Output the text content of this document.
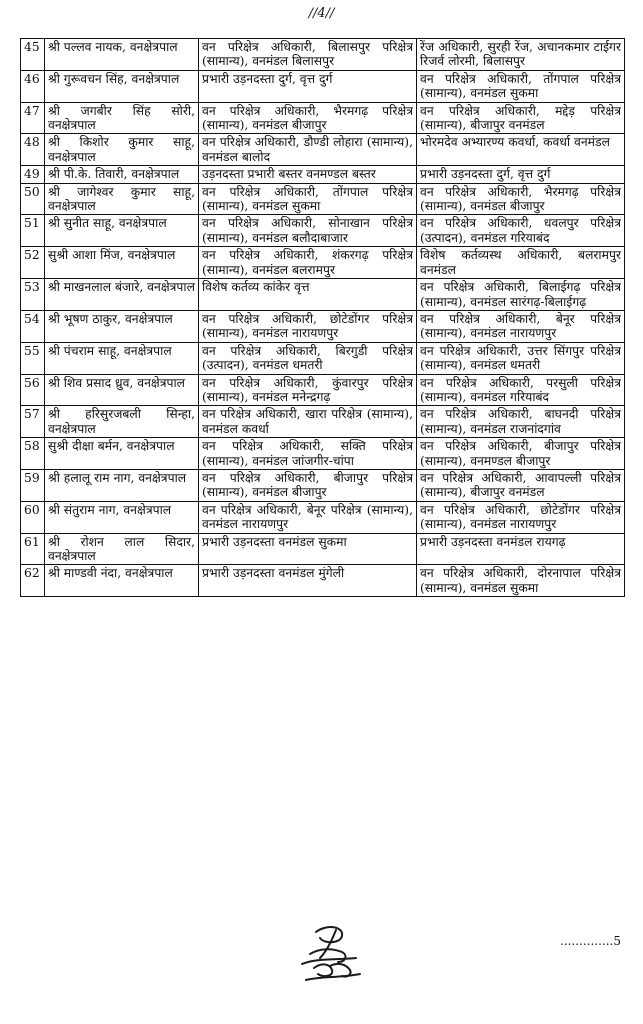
//4//
45	श्री पल्लव नायक, वनक्षेत्रपाल	वन परिक्षेत्र अधिकारी, बिलासपुर परिक्षेत्र (सामान्य), वनमंडल बिलासपुर	रेंज अधिकारी, सुरही रेंज, अचानकमार टाईगर रिजर्व लोरमी, बिलासपुर
46	श्री गुरूवचन सिंह, वनक्षेत्रपाल	प्रभारी उड़नदस्ता दुर्ग, वृत्त दुर्ग	वन परिक्षेत्र अधिकारी, तोंगपाल परिक्षेत्र (सामान्य), वनमंडल सुकमा
47	श्री जगबीर सिंह सोरी, वनक्षेत्रपाल	वन परिक्षेत्र अधिकारी, भैरमगढ़ परिक्षेत्र (सामान्य), वनमंडल बीजापुर	वन परिक्षेत्र अधिकारी, मद्देड़ परिक्षेत्र (सामान्य), बीजापुर वनमंडल
48	श्री किशोर कुमार साहू, वनक्षेत्रपाल	वन परिक्षेत्र अधिकारी, डौण्डी लोहारा (सामान्य), वनमंडल बालोद	भोरमदेव अभ्यारण्य कवर्धा, कवर्धा वनमंडल
49	श्री पी.के. तिवारी, वनक्षेत्रपाल	उड़नदस्ता प्रभारी बस्तर वनमण्डल बस्तर	प्रभारी उड़नदस्ता दुर्ग, वृत्त दुर्ग
50	श्री जागेश्वर कुमार साहू, वनक्षेत्रपाल	वन परिक्षेत्र अधिकारी, तोंगपाल परिक्षेत्र (सामान्य), वनमंडल सुकमा	वन परिक्षेत्र अधिकारी, भैरमगढ़ परिक्षेत्र (सामान्य), वनमंडल बीजापुर
51	श्री सुनीत साहू, वनक्षेत्रपाल	वन परिक्षेत्र अधिकारी, सोनाखान परिक्षेत्र (सामान्य), वनमंडल बलौदाबाजार	वन परिक्षेत्र अधिकारी, धवलपुर परिक्षेत्र (उत्पादन), वनमंडल गरियाबंद
52	सुश्री आशा मिंज, वनक्षेत्रपाल	वन परिक्षेत्र अधिकारी, शंकरगढ़ परिक्षेत्र (सामान्य), वनमंडल बलरामपुर	विशेष कर्तव्यस्थ अधिकारी, बलरामपुर वनमंडल
53	श्री माखनलाल बंजारे, वनक्षेत्रपाल	विशेष कर्तव्य कांकेर वृत्त	वन परिक्षेत्र अधिकारी, बिलाईगढ़ परिक्षेत्र (सामान्य), वनमंडल सारंगढ़-बिलाईगढ़
54	श्री भूषण ठाकुर, वनक्षेत्रपाल	वन परिक्षेत्र अधिकारी, छोटेडोंगर परिक्षेत्र (सामान्य), वनमंडल नारायणपुर	वन परिक्षेत्र अधिकारी, बेनूर परिक्षेत्र (सामान्य), वनमंडल नारायणपुर
55	श्री पंचराम साहू, वनक्षेत्रपाल	वन परिक्षेत्र अधिकारी, बिरगुडी परिक्षेत्र (उत्पादन), वनमंडल धमतरी	वन परिक्षेत्र अधिकारी, उत्तर सिंगपुर परिक्षेत्र (सामान्य), वनमंडल धमतरी
56	श्री शिव प्रसाद ध्रुव, वनक्षेत्रपाल	वन परिक्षेत्र अधिकारी, कुंवारपुर परिक्षेत्र (सामान्य), वनमंडल मनेन्द्रगढ़	वन परिक्षेत्र अधिकारी, परसुली परिक्षेत्र (सामान्य), वनमंडल गरियाबंद
57	श्री हरिसुरजबली सिन्हा, वनक्षेत्रपाल	वन परिक्षेत्र अधिकारी, खारा परिक्षेत्र (सामान्य), वनमंडल कवर्धा	वन परिक्षेत्र अधिकारी, बाघनदी परिक्षेत्र (सामान्य), वनमंडल राजनांदगांव
58	सुश्री दीक्षा बर्मन, वनक्षेत्रपाल	वन परिक्षेत्र अधिकारी, सक्ति परिक्षेत्र (सामान्य), वनमंडल जांजगीर-चांपा	वन परिक्षेत्र अधिकारी, बीजापुर परिक्षेत्र (सामान्य), वनमण्डल बीजापुर
59	श्री हलालू राम नाग, वनक्षेत्रपाल	वन परिक्षेत्र अधिकारी, बीजापुर परिक्षेत्र (सामान्य), वनमंडल बीजापुर	वन परिक्षेत्र अधिकारी, आवापल्ली परिक्षेत्र (सामान्य), बीजापुर वनमंडल
60	श्री संतुराम नाग, वनक्षेत्रपाल	वन परिक्षेत्र अधिकारी, बेनूर परिक्षेत्र (सामान्य), वनमंडल नारायणपुर	वन परिक्षेत्र अधिकारी, छोटेडोंगर परिक्षेत्र (सामान्य), वनमंडल नारायणपुर
61	श्री रोशन लाल सिदार, वनक्षेत्रपाल	प्रभारी उड़नदस्ता वनमंडल सुकमा	प्रभारी उड़नदस्ता वनमंडल रायगढ़
62	श्री माण्डवी नंदा, वनक्षेत्रपाल	प्रभारी उड़नदस्ता वनमंडल मुंगेली	वन परिक्षेत्र अधिकारी, दोरनापाल परिक्षेत्र (सामान्य), वनमंडल सुकमा
..............5
